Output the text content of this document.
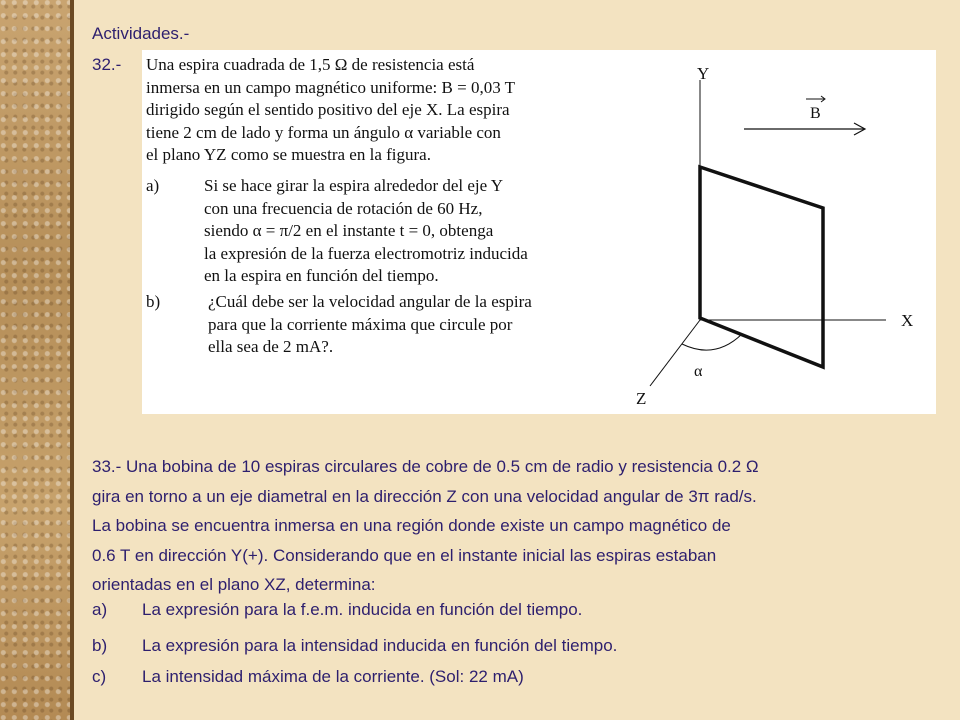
Actividades.-
32.- Una espira cuadrada de 1,5 Ω de resistencia está
inmersa en un campo magnético uniforme: B = 0,03 T
dirigido según el sentido positivo del eje X. La espira
tiene 2 cm de lado y forma un ángulo α variable con
el plano YZ como se muestra en la figura.
a)	Si se hace girar la espira alrededor del eje Y
con una frecuencia de rotación de 60 Hz,
siendo α = π/2 en el instante t = 0, obtenga
la expresión de la fuerza electromotriz inducida
en la espira en función del tiempo.
b)	¿Cuál debe ser la velocidad angular de la espira
para que la corriente máxima que circule por
ella sea de 2 mA?.
Y
X
Z
B
α
33.- Una bobina de 10 espiras circulares de cobre de 0.5 cm de radio y resistencia 0.2 Ω
gira en torno a un eje diametral en la dirección Z con una velocidad angular de 3π rad/s.
La bobina se encuentra inmersa en una región donde existe un campo magnético de
0.6 T en dirección Y(+). Considerando que en el instante inicial las espiras estaban
orientadas en el plano XZ, determina:
a) La expresión para la f.e.m. inducida en función del tiempo.
b) La expresión para la intensidad inducida en función del tiempo.
c) La intensidad máxima de la corriente. (Sol: 22 mA)
